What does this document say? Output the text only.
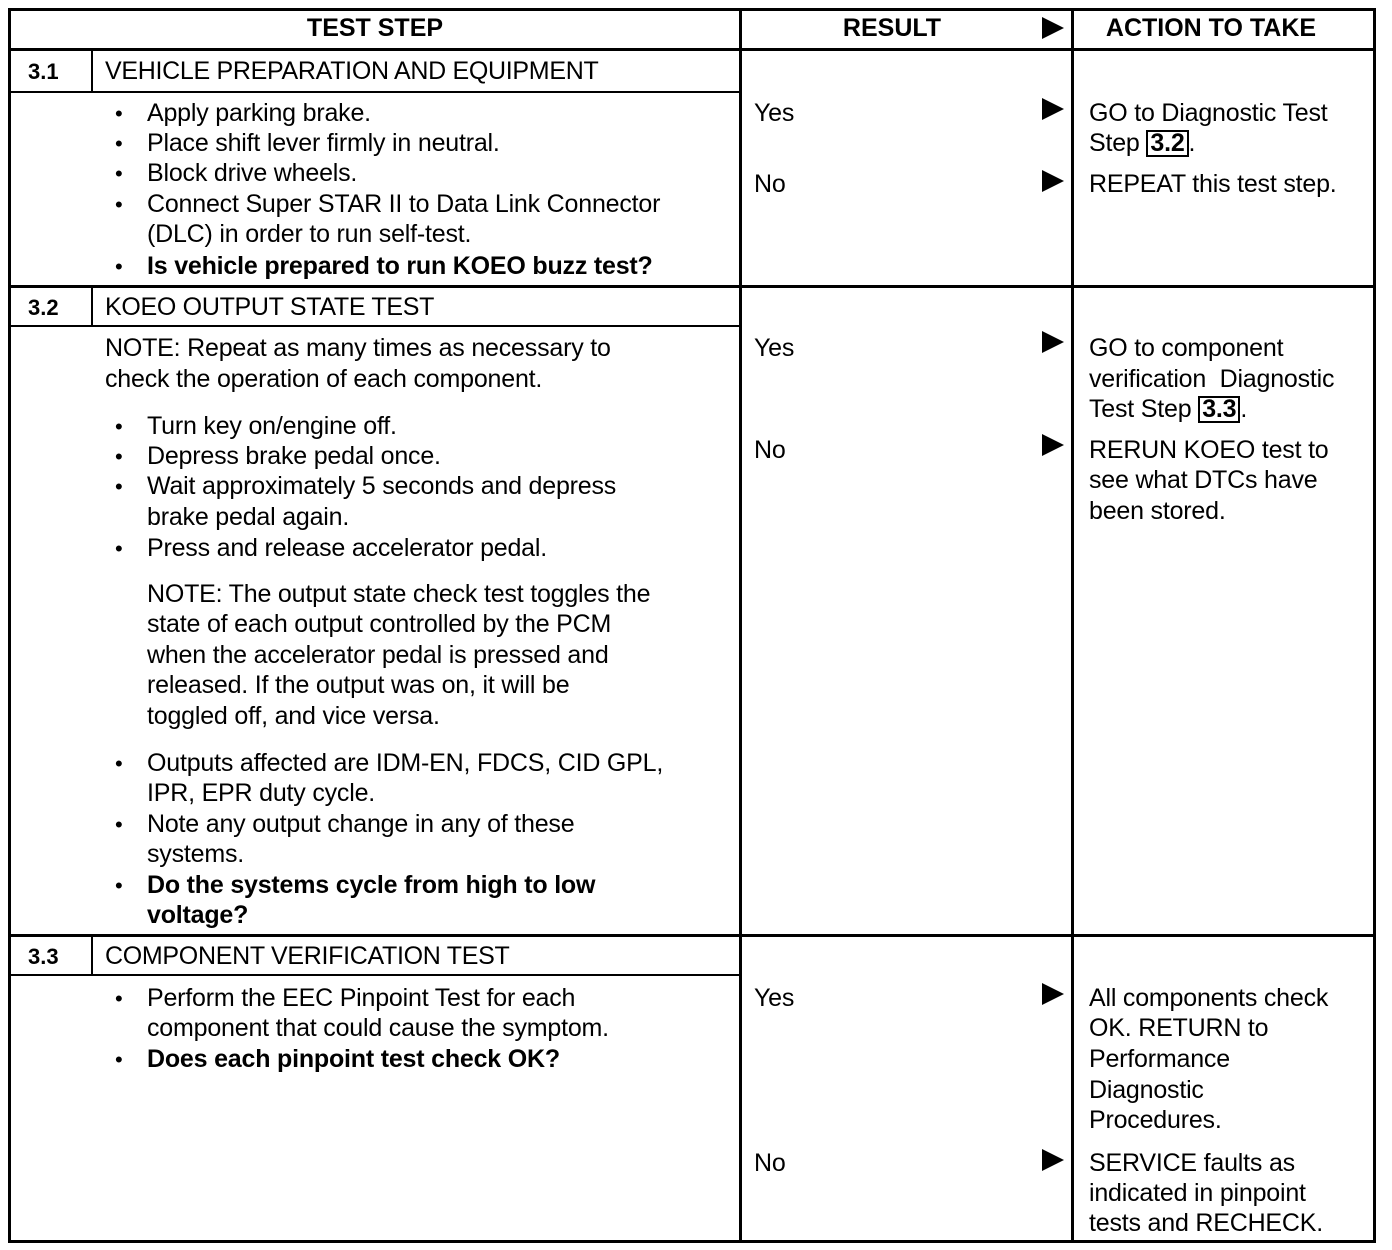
TEST STEP	RESULT	ACTION TO TAKE
3.1 VEHICLE PREPARATION AND EQUIPMENT
• Apply parking brake.
• Place shift lever firmly in neutral.
• Block drive wheels.
• Connect Super STAR II to Data Link Connector
(DLC) in order to run self-test.
• Is vehicle prepared to run KOEO buzz test?
Yes
No
GO to Diagnostic Test
Step 3.2 .
REPEAT this test step.
3.2 KOEO OUTPUT STATE TEST
NOTE: Repeat as many times as necessary to
check the operation of each component.
• Turn key on/engine off.
• Depress brake pedal once.
• Wait approximately 5 seconds and depress
brake pedal again.
• Press and release accelerator pedal.
NOTE: The output state check test toggles the
state of each output controlled by the PCM
when the accelerator pedal is pressed and
released. If the output was on, it will be
toggled off, and vice versa.
• Outputs affected are IDM-EN, FDCS, CID GPL,
IPR, EPR duty cycle.
• Note any output change in any of these
systems.
• Do the systems cycle from high to low
voltage?
Yes
No
GO to component
verification  Diagnostic
Test Step 3.3 .
RERUN KOEO test to
see what DTCs have
been stored.
3.3 COMPONENT VERIFICATION TEST
• Perform the EEC Pinpoint Test for each
component that could cause the symptom.
• Does each pinpoint test check OK?
Yes
No
All components check
OK. RETURN to
Performance
Diagnostic
Procedures.
SERVICE faults as
indicated in pinpoint
tests and RECHECK.
